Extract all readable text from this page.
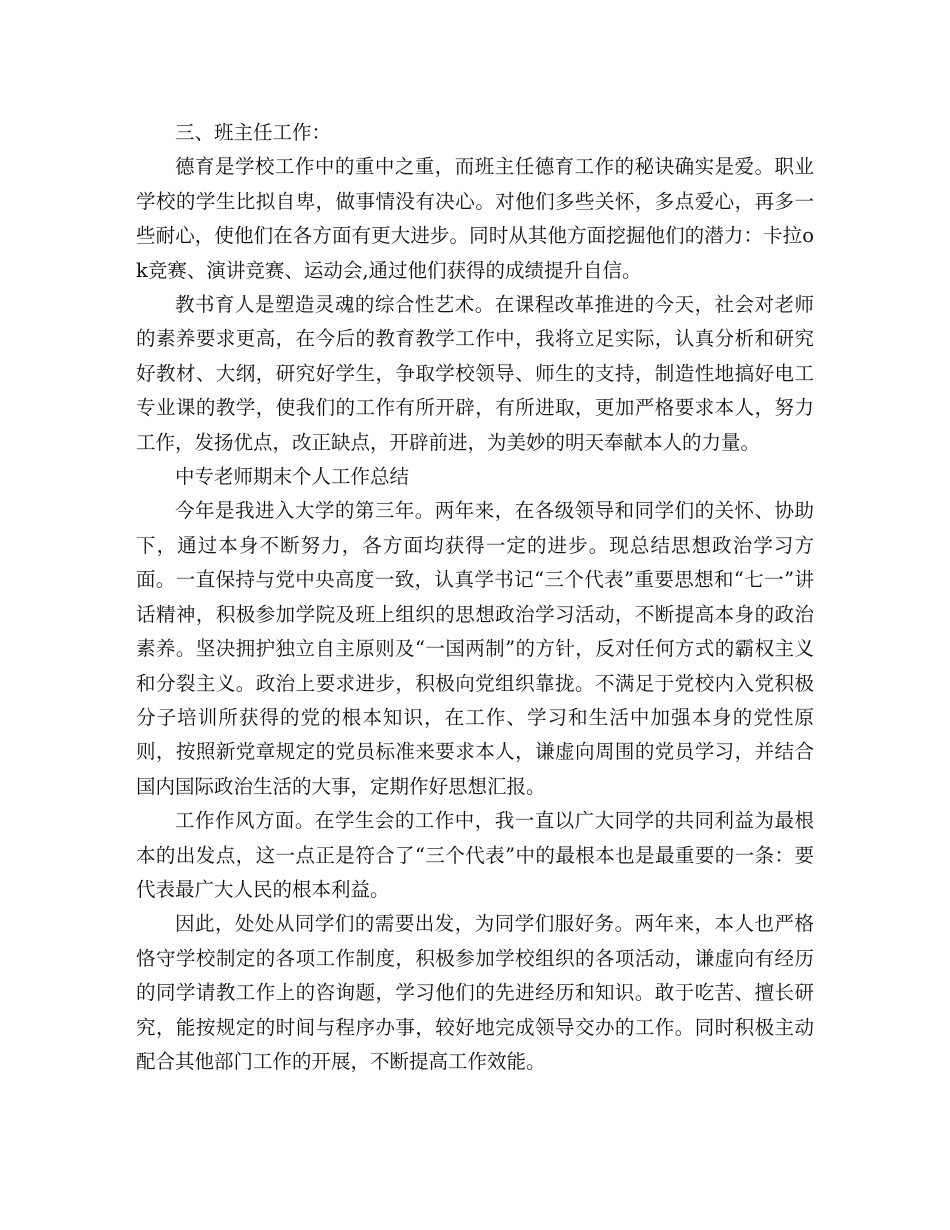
三、班主任工作：

德育是学校工作中的重中之重，而班主任德育工作的秘诀确实是爱。职业学校的学生比拟自卑，做事情没有决心。对他们多些关怀，多点爱心，再多一些耐心，使他们在各方面有更大进步。同时从其他方面挖掘他们的潜力：卡拉ok竞赛、演讲竞赛、运动会,通过他们获得的成绩提升自信。

教书育人是塑造灵魂的综合性艺术。在课程改革推进的今天，社会对老师的素养要求更高，在今后的教育教学工作中，我将立足实际，认真分析和研究好教材、大纲，研究好学生，争取学校领导、师生的支持，制造性地搞好电工专业课的教学，使我们的工作有所开辟，有所进取，更加严格要求本人，努力工作，发扬优点，改正缺点，开辟前进，为美妙的明天奉献本人的力量。

中专老师期末个人工作总结

今年是我进入大学的第三年。两年来，在各级领导和同学们的关怀、协助下，通过本身不断努力，各方面均获得一定的进步。现总结思想政治学习方面。一直保持与党中央高度一致，认真学书记“三个代表”重要思想和“七一”讲话精神，积极参加学院及班上组织的思想政治学习活动，不断提高本身的政治素养。坚决拥护独立自主原则及“一国两制”的方针，反对任何方式的霸权主义和分裂主义。政治上要求进步，积极向党组织靠拢。不满足于党校内入党积极分子培训所获得的党的根本知识，在工作、学习和生活中加强本身的党性原则，按照新党章规定的党员标准来要求本人，谦虚向周围的党员学习，并结合国内国际政治生活的大事，定期作好思想汇报。

工作作风方面。在学生会的工作中，我一直以广大同学的共同利益为最根本的出发点，这一点正是符合了“三个代表”中的最根本也是最重要的一条：要代表最广大人民的根本利益。

因此，处处从同学们的需要出发，为同学们服好务。两年来，本人也严格恪守学校制定的各项工作制度，积极参加学校组织的各项活动，谦虚向有经历的同学请教工作上的咨询题，学习他们的先进经历和知识。敢于吃苦、擅长研究，能按规定的时间与程序办事，较好地完成领导交办的工作。同时积极主动配合其他部门工作的开展，不断提高工作效能。
